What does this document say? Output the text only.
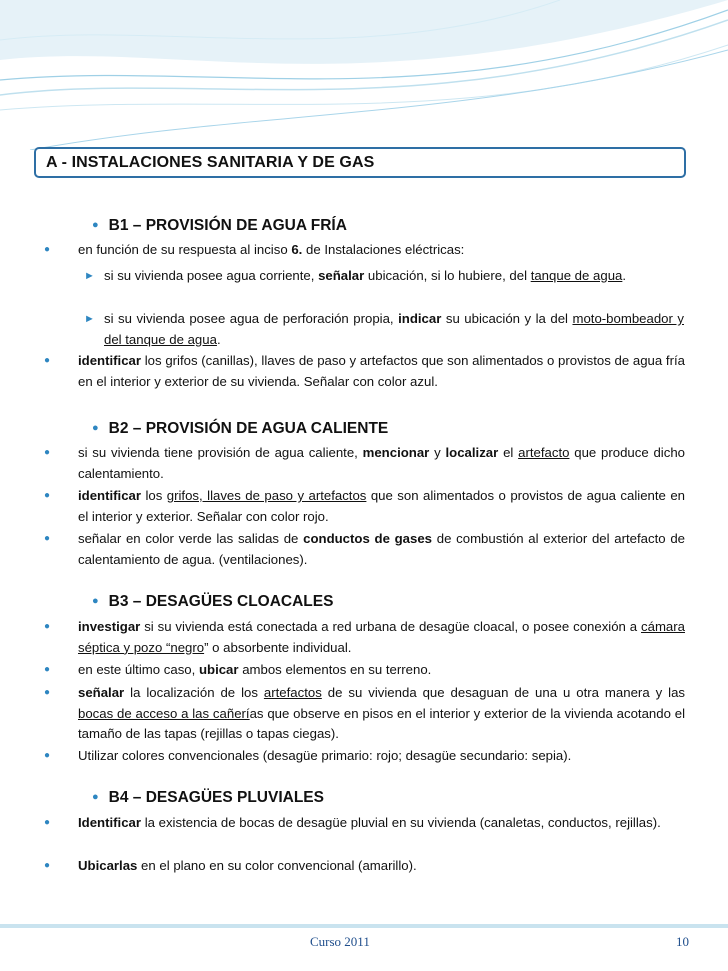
A - INSTALACIONES SANITARIA Y DE GAS
● B1 – PROVISIÓN DE AGUA FRÍA
● en función de su respuesta al inciso 6. de Instalaciones eléctricas:
► si su vivienda posee agua corriente, señalar ubicación, si lo hubiere, del tanque de agua.
► si su vivienda posee agua de perforación propia, indicar su ubicación y la del moto-bombeador y del tanque de agua.
● identificar los grifos (canillas), llaves de paso y artefactos que son alimentados o provistos de agua fría en el interior y exterior de su vivienda. Señalar con color azul.
● B2 – PROVISIÓN DE AGUA CALIENTE
● si su vivienda tiene provisión de agua caliente, mencionar y localizar el artefacto que produce dicho calentamiento.
● identificar los grifos, llaves de paso y artefactos que son alimentados o provistos de agua caliente en el interior y exterior. Señalar con color rojo.
● señalar en color verde las salidas de conductos de gases de combustión al exterior del artefacto de calentamiento de agua. (ventilaciones).
● B3 – DESAGÜES CLOACALES
● investigar si su vivienda está conectada a red urbana de desagüe cloacal, o posee conexión a cámara séptica y pozo “negro” o absorbente individual.
● en este último caso, ubicar ambos elementos en su terreno.
● señalar la localización de los artefactos de su vivienda que desaguan de una u otra manera y las bocas de acceso a las cañerías que observe en pisos en el interior y exterior de la vivienda acotando el tamaño de las tapas (rejillas o tapas ciegas).
● Utilizar colores convencionales (desagüe primario: rojo; desagüe secundario: sepia).
● B4 – DESAGÜES PLUVIALES
● Identificar la existencia de bocas de desagüe pluvial en su vivienda (canaletas, conductos, rejillas).
● Ubicarlas en el plano en su color convencional (amarillo).
Curso 2011	10
